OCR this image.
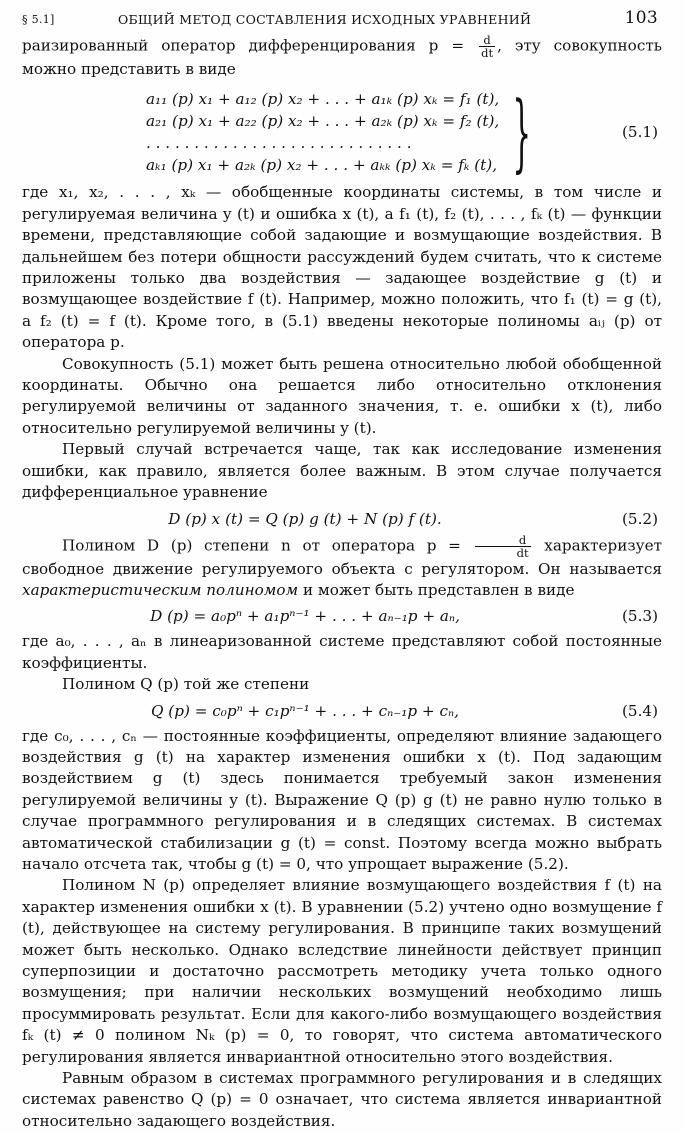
§ 5.1]	ОБЩИЙ МЕТОД СОСТАВЛЕНИЯ ИСХОДНЫХ УРАВНЕНИЙ	103

раизированный оператор дифференцирования $p = \frac{d}{dt}$ , эту совокупность можно представить в виде

a₁₁ (p) x₁ + a₁₂ (p) x₂ + . . . + a₁ₖ (p) xₖ = f₁ (t),
a₂₁ (p) x₁ + a₂₂ (p) x₂ + . . . + a₂ₖ (p) xₖ = f₂ (t),
. . . . . . . . . . . . . . . . . . . . . . . . . . . .
aₖ₁ (p) x₁ + a₂ₖ (p) x₂ + . . . + aₖₖ (p) xₖ = fₖ (t), }	(5.1)

где x₁, x₂, . . . , xₖ — обобщенные координаты системы, в том числе и регулируемая величина y (t) и ошибка x (t), а f₁ (t), f₂ (t), . . . , fₖ (t) — функции времени, представляющие собой задающие и возмущающие воздействия. В дальнейшем без потери общности рассуждений будем считать, что к системе приложены только два воздействия — задающее воздействие g (t) и возмущающее воздействие f (t). Например, можно положить, что f₁ (t) = g (t), а f₂ (t) = f (t). Кроме того, в (5.1) введены некоторые полиномы aᵢⱼ (p) от оператора p.

Совокупность (5.1) может быть решена относительно любой обобщенной координаты. Обычно она решается либо относительно отклонения регулируемой величины от заданного значения, т. е. ошибки x (t), либо относительно регулируемой величины y (t).

Первый случай встречается чаще, так как исследование изменения ошибки, как правило, является более важным. В этом случае получается дифференциальное уравнение

D (p) x (t) = Q (p) g (t) + N (p) f (t).	(5.2)

Полином D (p) степени n от оператора $p = \frac{d}{dt}$ характеризует свободное движение регулируемого объекта с регулятором. Он называется характеристическим полиномом и может быть представлен в виде

D (p) = a₀pⁿ + a₁pⁿ⁻¹ + . . . + aₙ₋₁p + aₙ,	(5.3)

где a₀, . . . , aₙ в линеаризованной системе представляют собой постоянные коэффициенты.

Полином Q (p) той же степени

Q (p) = c₀pⁿ + c₁pⁿ⁻¹ + . . . + cₙ₋₁p + cₙ,	(5.4)

где c₀, . . . , cₙ — постоянные коэффициенты, определяют влияние задающего воздействия g (t) на характер изменения ошибки x (t). Под задающим воздействием g (t) здесь понимается требуемый закон изменения регулируемой величины y (t). Выражение Q (p) g (t) не равно нулю только в случае программного регулирования и в следящих системах. В системах автоматической стабилизации g (t) = const. Поэтому всегда можно выбрать начало отсчета так, чтобы g (t) = 0, что упрощает выражение (5.2).

Полином N (p) определяет влияние возмущающего воздействия f (t) на характер изменения ошибки x (t). В уравнении (5.2) учтено одно возмущение f (t), действующее на систему регулирования. В принципе таких возмущений может быть несколько. Однако вследствие линейности действует принцип суперпозиции и достаточно рассмотреть методику учета только одного возмущения; при наличии нескольких возмущений необходимо лишь просуммировать результат. Если для какого-либо возмущающего воздействия fₖ (t) ≠ 0 полином Nₖ (p) = 0, то говорят, что система автоматического регулирования является инвариантной относительно этого воздействия.

Равным образом в системах программного регулирования и в следящих системах равенство Q (p) = 0 означает, что система является инвариантной относительно задающего воздействия.
